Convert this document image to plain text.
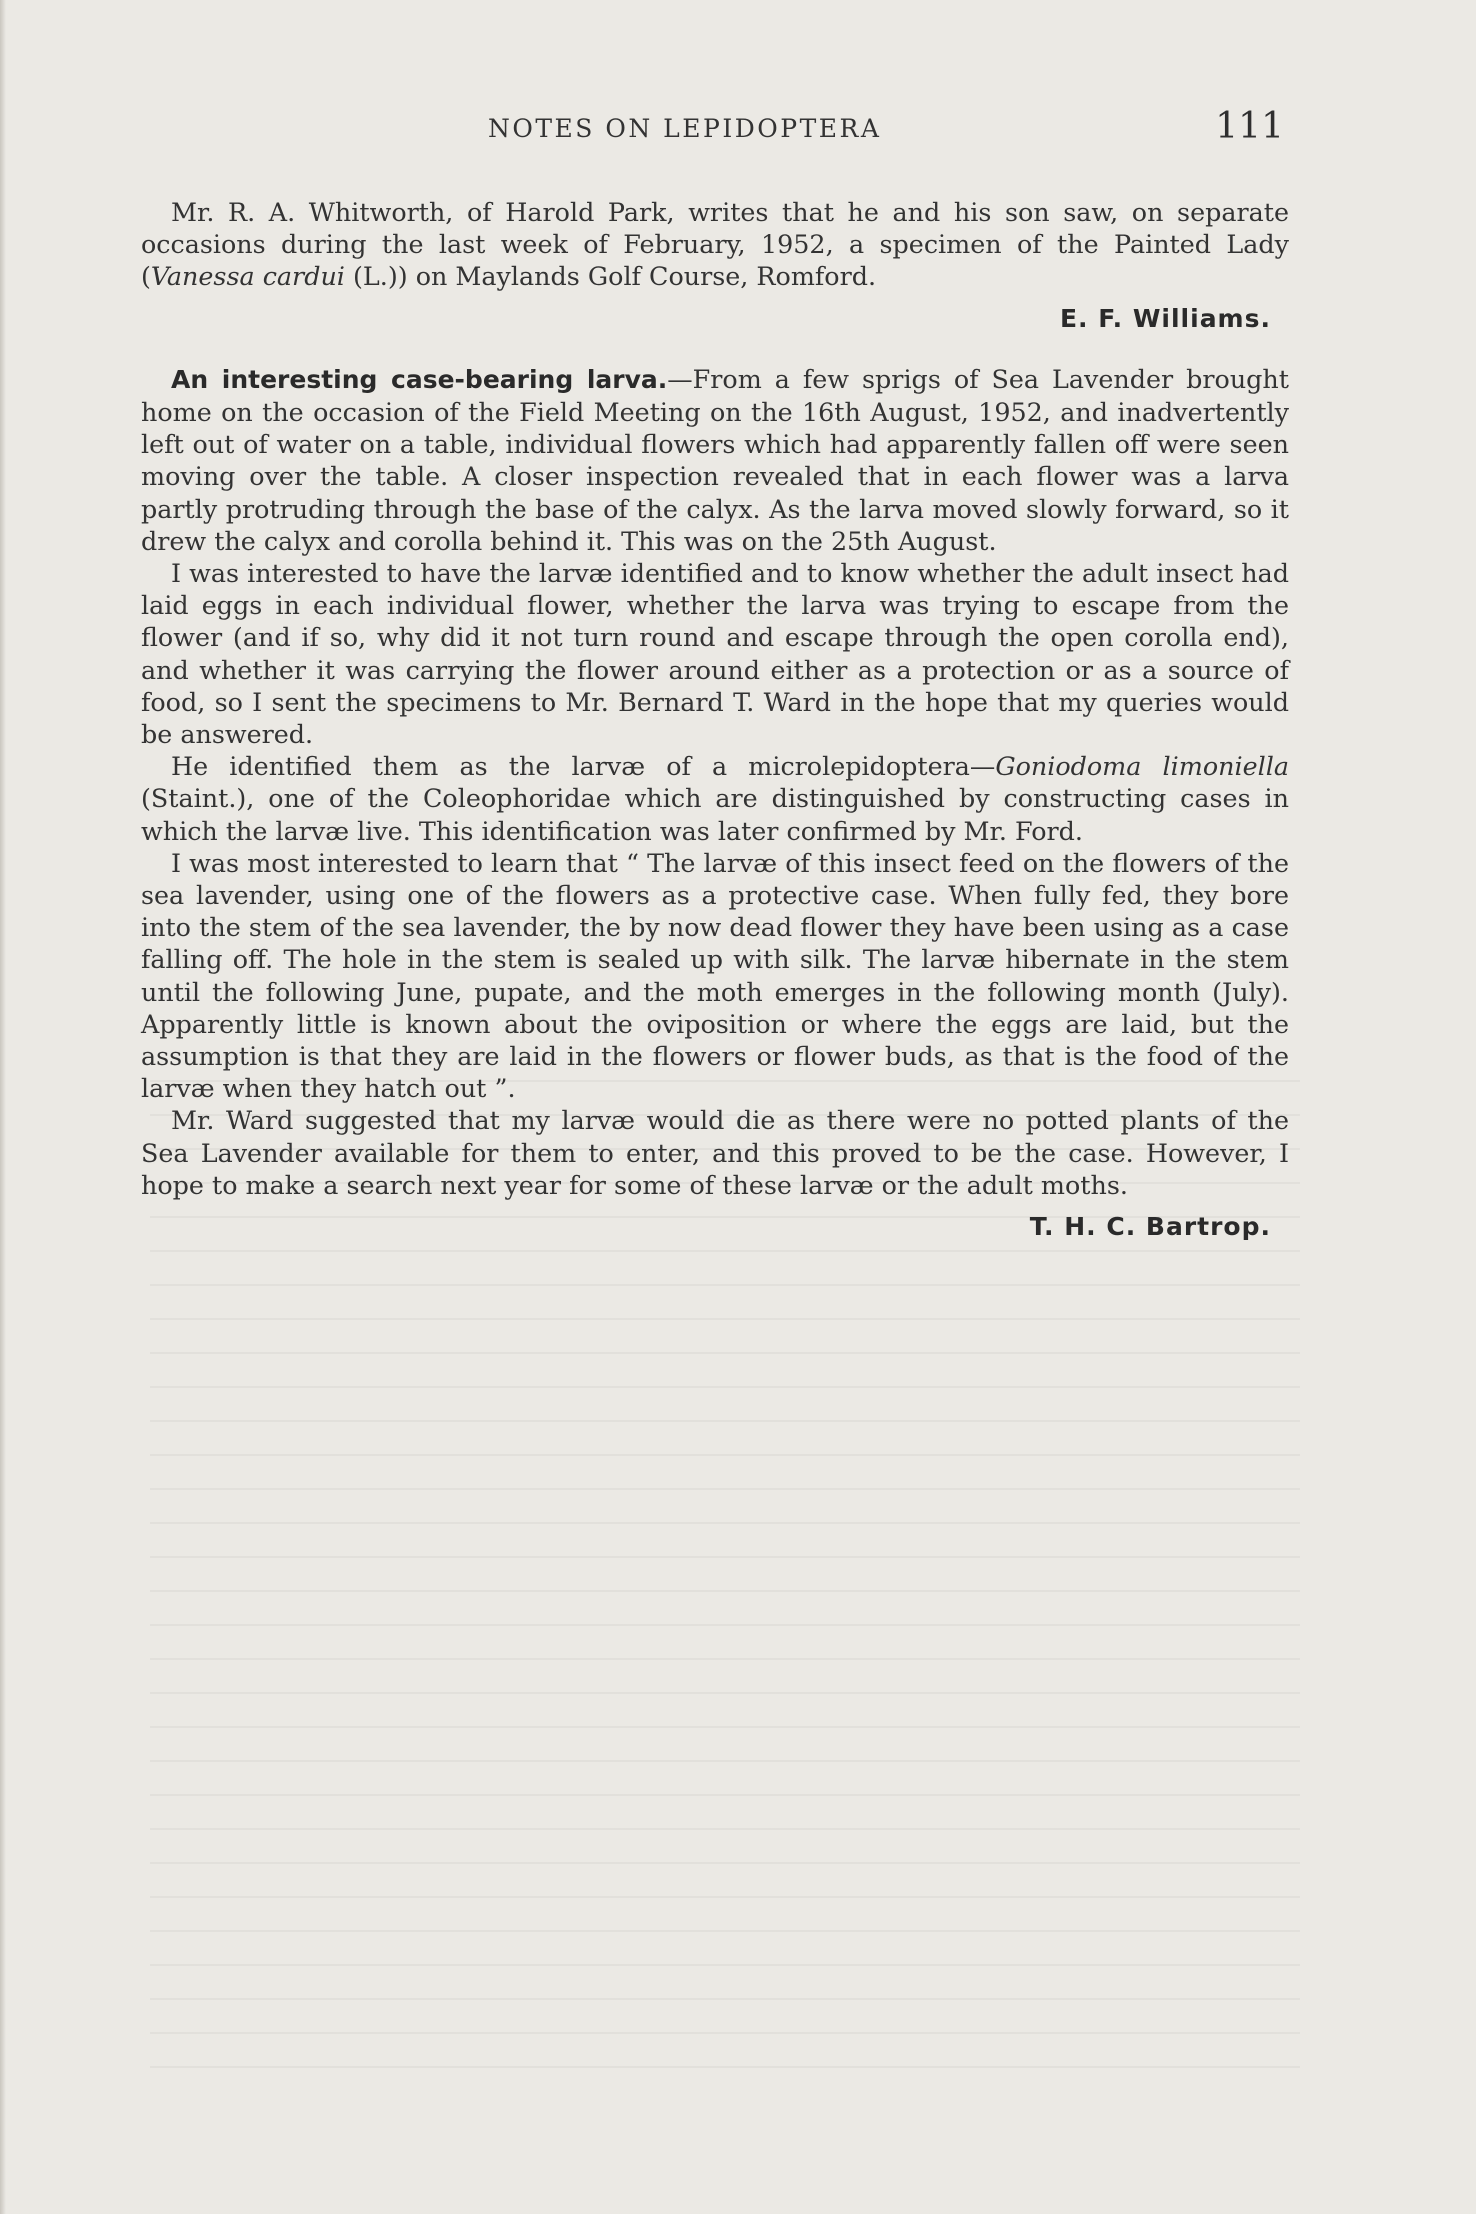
NOTES ON LEPIDOPTERA	111

Mr. R. A. Whitworth, of Harold Park, writes that he and his son saw, on separate occasions during the last week of February, 1952, a specimen of the Painted Lady (Vanessa cardui (L.)) on Maylands Golf Course, Romford.

E. F. Williams.

An interesting case-bearing larva.—From a few sprigs of Sea Lavender brought home on the occasion of the Field Meeting on the 16th August, 1952, and inadvertently left out of water on a table, individual flowers which had apparently fallen off were seen moving over the table. A closer inspection revealed that in each flower was a larva partly protruding through the base of the calyx. As the larva moved slowly forward, so it drew the calyx and corolla behind it. This was on the 25th August.

I was interested to have the larvæ identified and to know whether the adult insect had laid eggs in each individual flower, whether the larva was trying to escape from the flower (and if so, why did it not turn round and escape through the open corolla end), and whether it was carrying the flower around either as a protection or as a source of food, so I sent the specimens to Mr. Bernard T. Ward in the hope that my queries would be answered.

He identified them as the larvæ of a microlepidoptera—Goniodoma limoniella (Staint.), one of the Coleophoridae which are distinguished by constructing cases in which the larvæ live. This identification was later confirmed by Mr. Ford.

I was most interested to learn that “ The larvæ of this insect feed on the flowers of the sea lavender, using one of the flowers as a protective case. When fully fed, they bore into the stem of the sea lavender, the by now dead flower they have been using as a case falling off. The hole in the stem is sealed up with silk. The larvæ hibernate in the stem until the following June, pupate, and the moth emerges in the following month (July). Apparently little is known about the oviposition or where the eggs are laid, but the assumption is that they are laid in the flowers or flower buds, as that is the food of the larvæ when they hatch out ”.

Mr. Ward suggested that my larvæ would die as there were no potted plants of the Sea Lavender available for them to enter, and this proved to be the case. However, I hope to make a search next year for some of these larvæ or the adult moths.

T. H. C. Bartrop.
